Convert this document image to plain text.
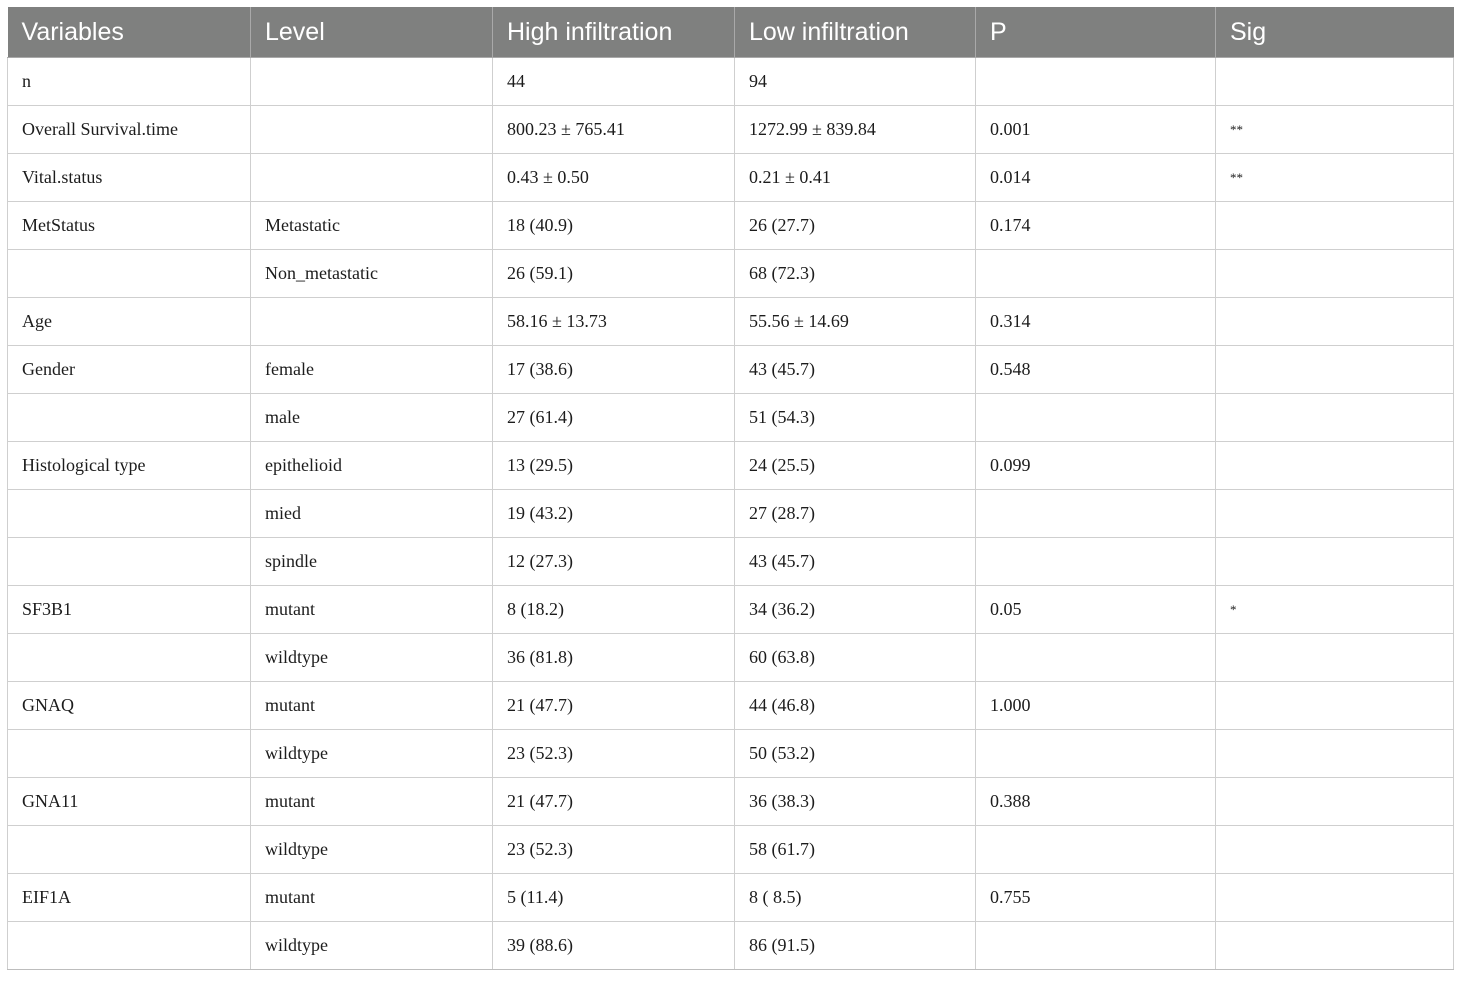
Variables	Level	High infiltration	Low infiltration	P	Sig
n		44	94		
Overall Survival.time		800.23 ± 765.41	1272.99 ± 839.84	0.001	**
Vital.status		0.43 ± 0.50	0.21 ± 0.41	0.014	**
MetStatus	Metastatic	18 (40.9)	26 (27.7)	0.174	
	Non_metastatic	26 (59.1)	68 (72.3)		
Age		58.16 ± 13.73	55.56 ± 14.69	0.314	
Gender	female	17 (38.6)	43 (45.7)	0.548	
	male	27 (61.4)	51 (54.3)		
Histological type	epithelioid	13 (29.5)	24 (25.5)	0.099	
	mied	19 (43.2)	27 (28.7)		
	spindle	12 (27.3)	43 (45.7)		
SF3B1	mutant	8 (18.2)	34 (36.2)	0.05	*
	wildtype	36 (81.8)	60 (63.8)		
GNAQ	mutant	21 (47.7)	44 (46.8)	1.000	
	wildtype	23 (52.3)	50 (53.2)		
GNA11	mutant	21 (47.7)	36 (38.3)	0.388	
	wildtype	23 (52.3)	58 (61.7)		
EIF1A	mutant	5 (11.4)	8 ( 8.5)	0.755	
	wildtype	39 (88.6)	86 (91.5)		
